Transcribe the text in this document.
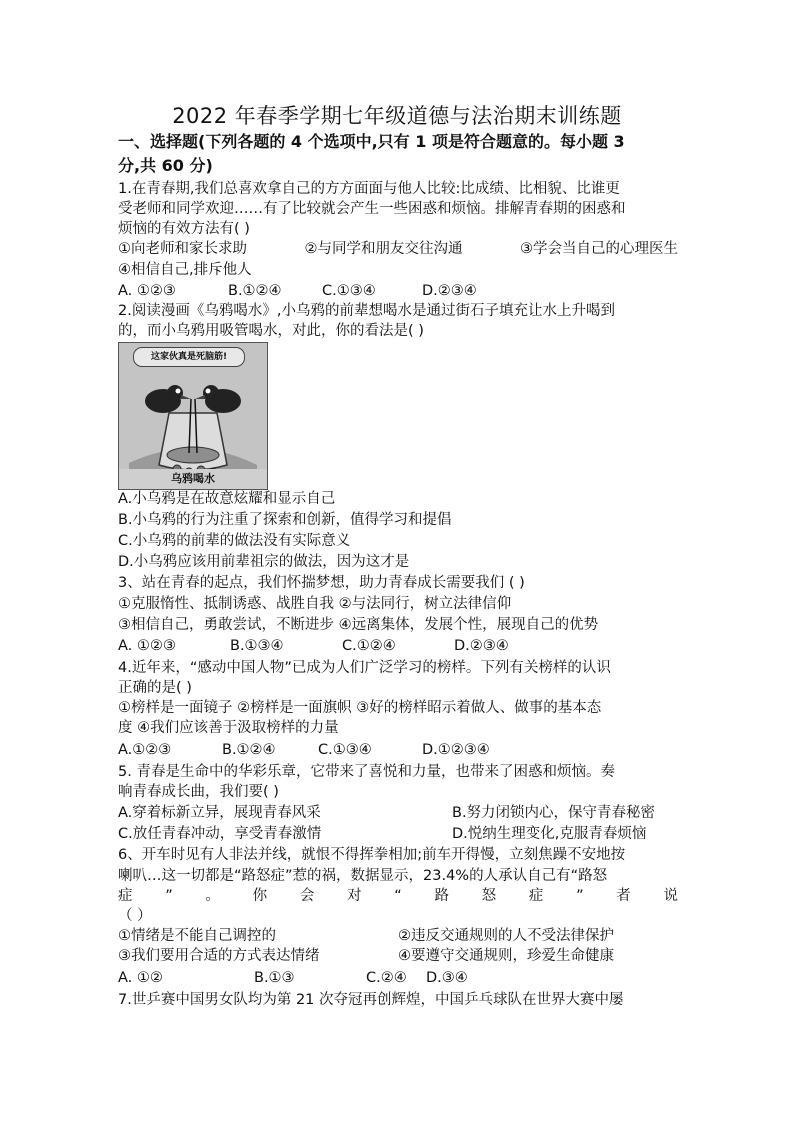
2022 年春季学期七年级道德与法治期末训练题
一、选择题(下列各题的 4 个选项中,只有 1 项是符合题意的。每小题 3
分,共 60 分)
1.在青春期,我们总喜欢拿自己的方方面面与他人比较:比成绩、比相貌、比谁更
受老师和同学欢迎……有了比较就会产生一些困惑和烦恼。排解青春期的困惑和
烦恼的有效方法有( )
①向老师和家长求助	②与同学和朋友交往沟通	③学会当自己的心理医生
④相信自己,排斥他人
A. ①②③	B.①②④	C.①③④	D.②③④
2.阅读漫画《乌鸦喝水》,小乌鸦的前辈想喝水是通过街石子填充让水上升喝到
的，而小乌鸦用吸管喝水，对此，你的看法是( )
这家伙真是死脑筋!
乌鸦喝水
A.小乌鸦是在故意炫耀和显示自己
B.小乌鸦的行为注重了探索和创新，值得学习和提倡
C.小乌鸦的前辈的做法没有实际意义
D.小乌鸦应该用前辈祖宗的做法，因为这才是
3、站在青春的起点，我们怀揣梦想，助力青春成长需要我们 ( )
①克服惰性、抵制诱惑、战胜自我 ②与法同行，树立法律信仰
③相信自己，勇敢尝试，不断进步 ④远离集体，发展个性，展现自己的优势
A. ①②③	B.①③④	C.①②④	D.②③④
4.近年来，“感动中国人物”已成为人们广泛学习的榜样。下列有关榜样的认识
正确的是( )
①榜样是一面镜子 ②榜样是一面旗帜 ③好的榜样昭示着做人、做事的基本态
度 ④我们应该善于汲取榜样的力量
A.①②③	B.①②④	C.①③④	D.①②③④
5. 青春是生命中的华彩乐章，它带来了喜悦和力量，也带来了困惑和烦恼。奏
响青春成长曲，我们要( )
A.穿着标新立异，展现青春风采	B.努力闭锁内心，保守青春秘密
C.放任青春冲动，享受青春激情	D.悦纳生理变化,克服青春烦恼
6、开车时见有人非法并线，就恨不得挥拳相加;前车开得慢，立刻焦躁不安地按
喇叭…这一切都是“路怒症”惹的祸，数据显示，23.4%的人承认自己有“路怒
症 ” 。 你 会 对 “ 路 怒 症 ” 者 说
（ ）
①情绪是不能自己调控的	②违反交通规则的人不受法律保护
③我们要用合适的方式表达情绪	④要遵守交通规则，珍爱生命健康
A. ①②	B.①③	C.②④ D.③④
7.世乒赛中国男女队均为第 21 次夺冠再创辉煌，中国乒乓球队在世界大赛中屡
